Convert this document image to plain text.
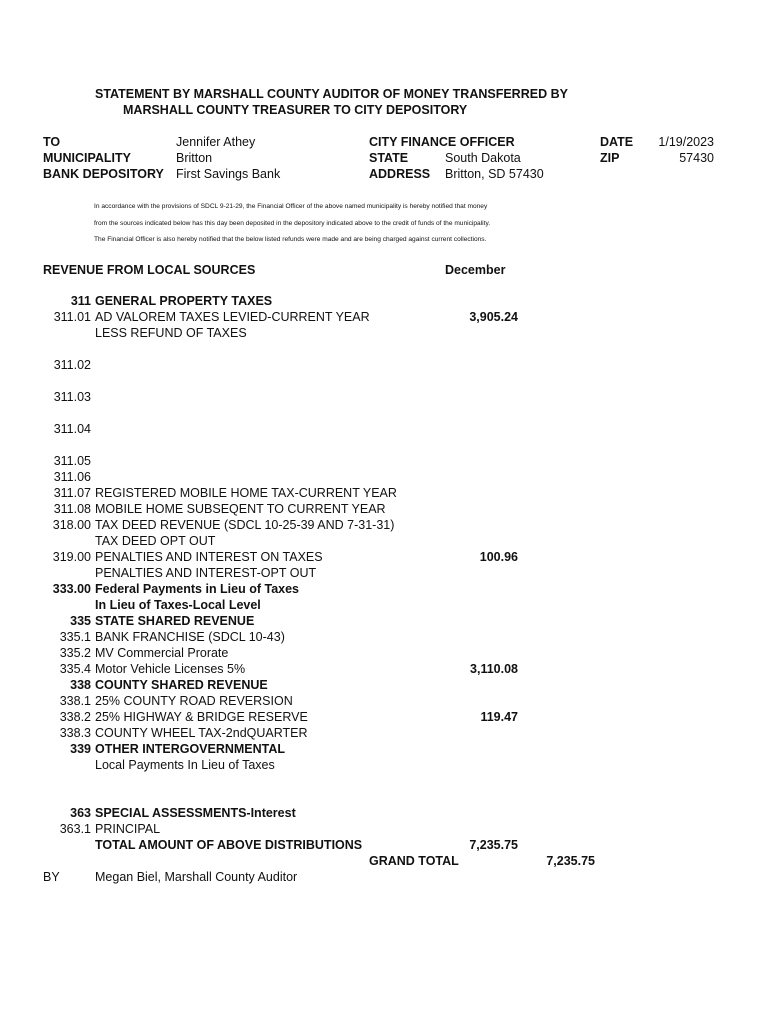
STATEMENT BY MARSHALL COUNTY AUDITOR OF MONEY TRANSFERRED BY
MARSHALL COUNTY TREASURER TO CITY DEPOSITORY
TO	Jennifer Athey
MUNICIPALITY	Britton
BANK DEPOSITORY First Savings Bank
CITY FINANCE OFFICER
STATE	South Dakota
ADDRESS Britton, SD 57430
DATE 1/19/2023
ZIP	57430
In accordance with the provisions of SDCL 9-21-29, the Financial Officer of the above named municipality is hereby notified that money
from the sources indicated below has this day been deposited in the depository indicated above to the credit of funds of the municipality.
The Financial Officer is also hereby notified that the below listed refunds were made and are being charged against current collections.
REVENUE FROM LOCAL SOURCES	December
311 GENERAL PROPERTY TAXES
311.01 AD VALOREM TAXES LEVIED-CURRENT YEAR	3,905.24
LESS REFUND OF TAXES
311.02
311.03
311.04
311.05
311.06
311.07 REGISTERED MOBILE HOME TAX-CURRENT YEAR
311.08 MOBILE HOME SUBSEQENT TO CURRENT YEAR
318.00 TAX DEED REVENUE (SDCL 10-25-39 AND 7-31-31)
TAX DEED OPT OUT
319.00 PENALTIES AND INTEREST ON TAXES	100.96
PENALTIES AND INTEREST-OPT OUT
333.00 Federal Payments in Lieu of Taxes
In Lieu of Taxes-Local Level
335 STATE SHARED REVENUE
335.1 BANK FRANCHISE (SDCL 10-43)
335.2 MV Commercial Prorate
335.4 Motor Vehicle Licenses 5%	3,110.08
338 COUNTY SHARED REVENUE
338.1 25% COUNTY ROAD REVERSION
338.2 25% HIGHWAY & BRIDGE RESERVE	119.47
338.3 COUNTY WHEEL TAX-2ndQUARTER
339 OTHER INTERGOVERNMENTAL
Local Payments In Lieu of Taxes
363 SPECIAL ASSESSMENTS-Interest
363.1 PRINCIPAL
TOTAL AMOUNT OF ABOVE DISTRIBUTIONS	7,235.75
GRAND TOTAL	7,235.75
BY	Megan Biel, Marshall County Auditor
